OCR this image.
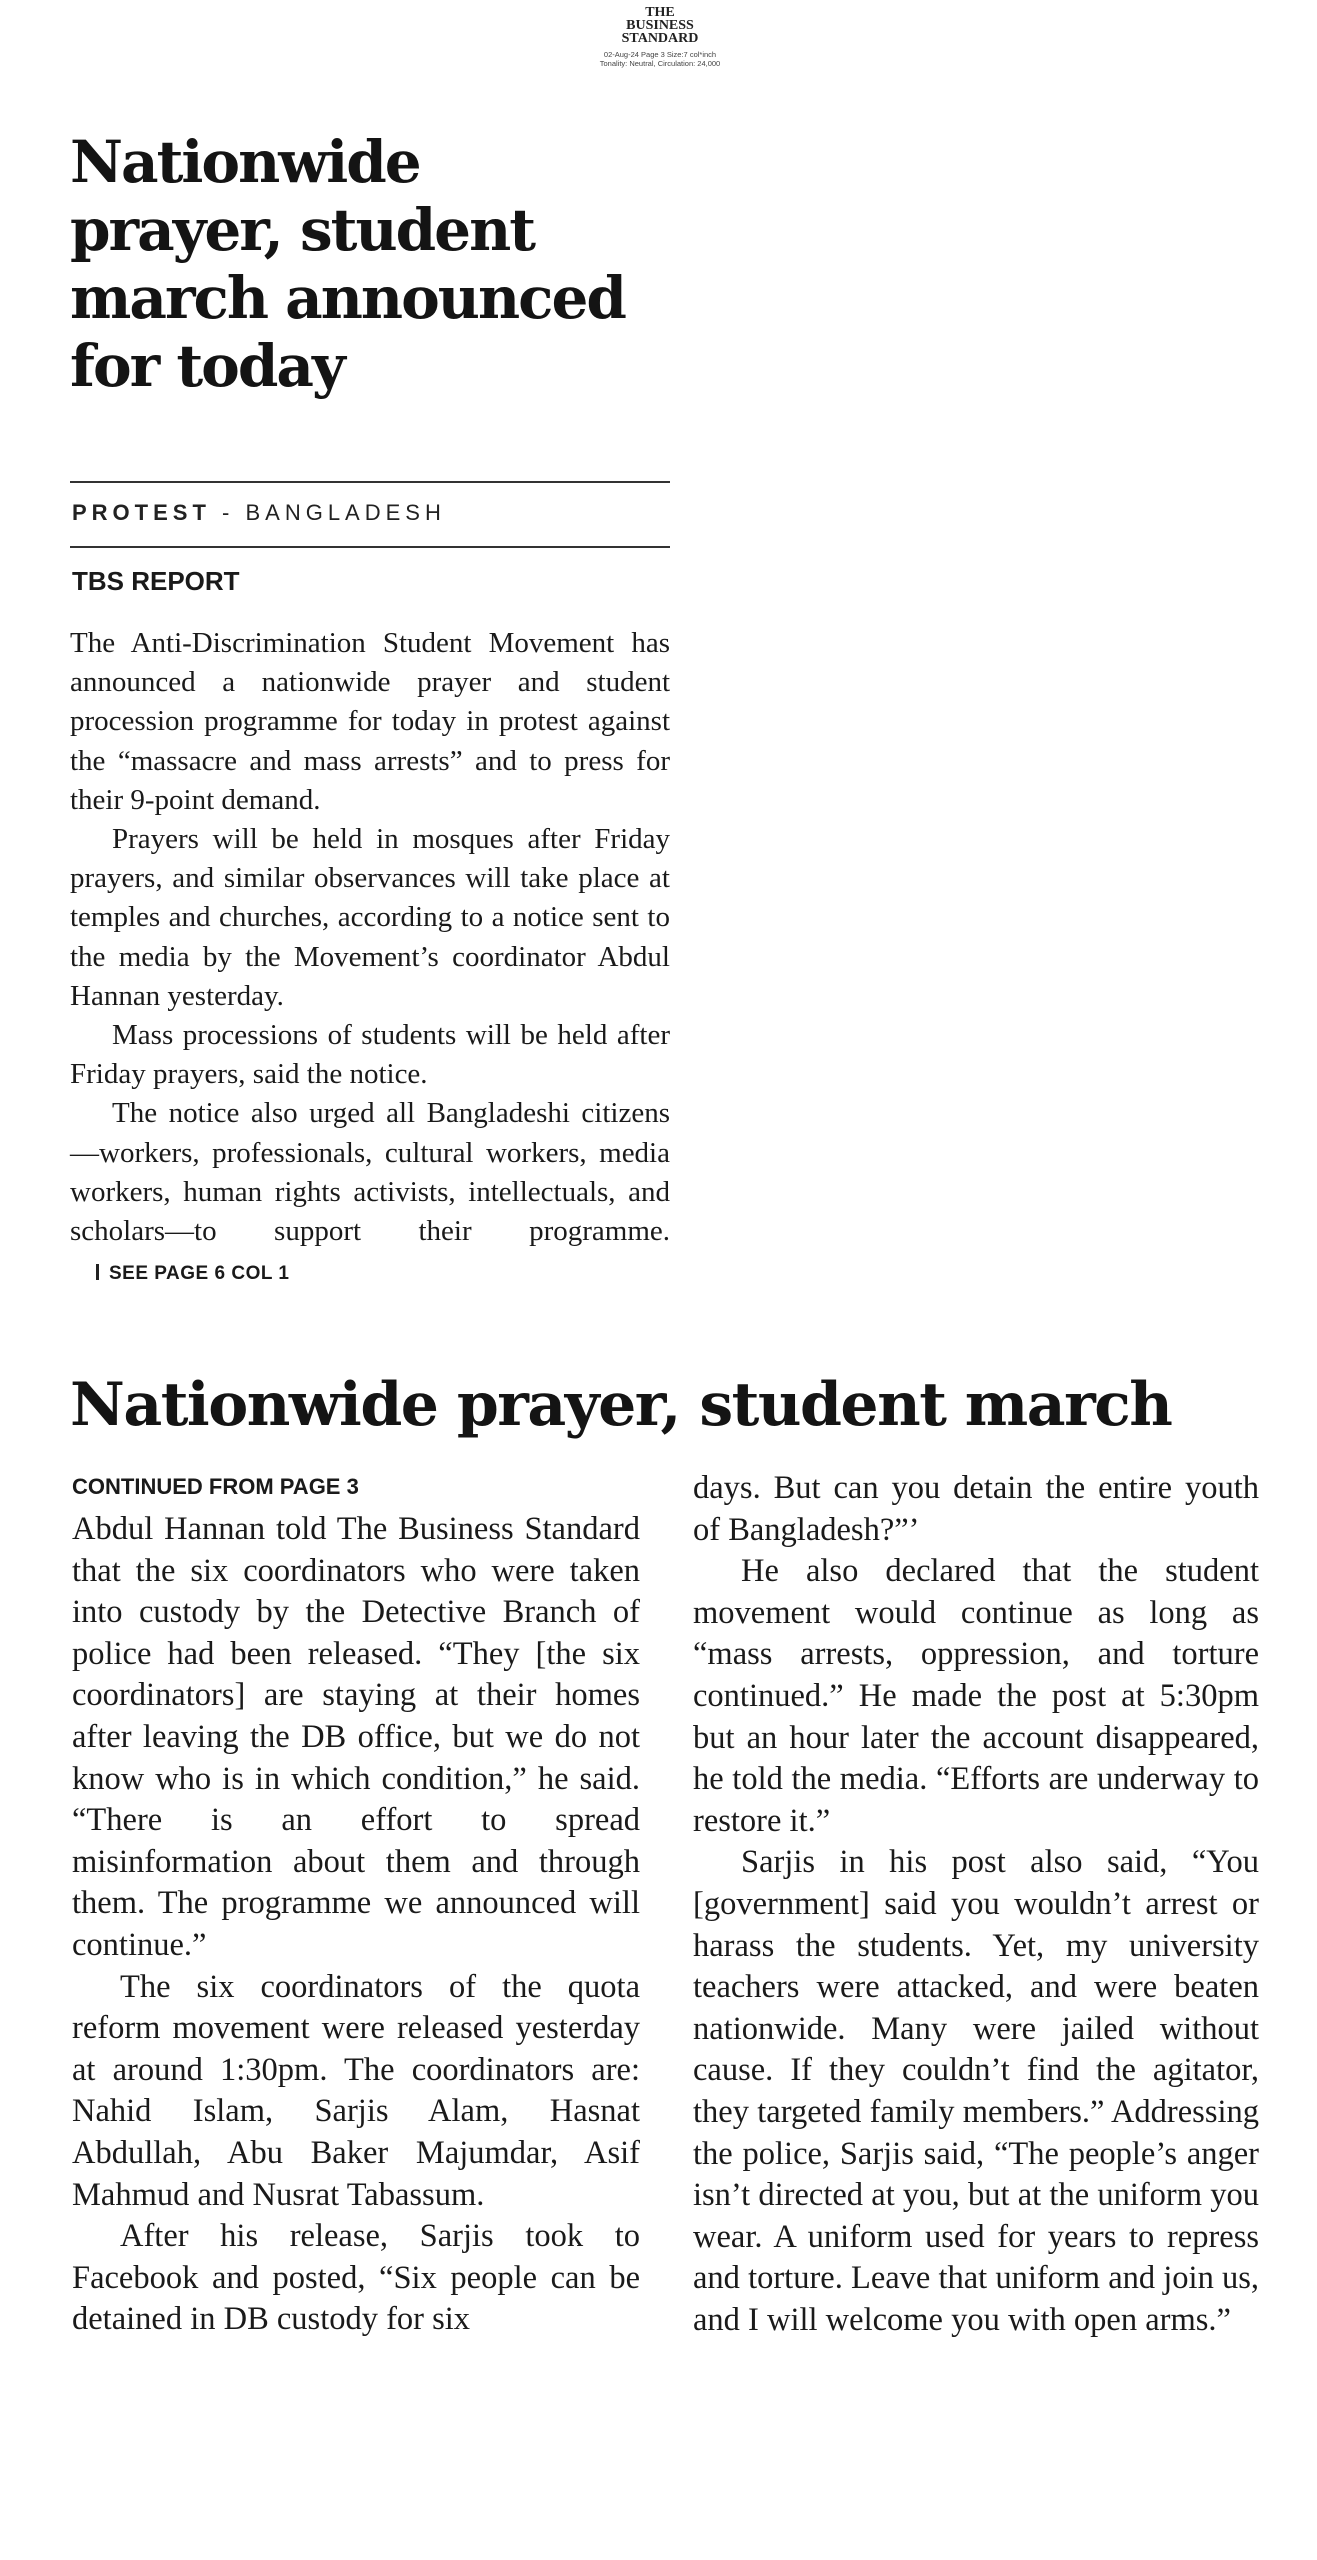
THE
BUSINESS
STANDARD
02-Aug-24 Page 3 Size:7 col*inch
Tonality: Neutral, Circulation: 24,000
Nationwide
prayer, student
march announced
for today
PROTEST - BANGLADESH
TBS REPORT

The Anti-Discrimination Student Movement has announced a nationwide prayer and student procession programme for today in protest against the “massacre and mass arrests” and to press for their 9-point demand.

Prayers will be held in mosques after Friday prayers, and similar observances will take place at temples and churches, according to a notice sent to the media by the Movement’s coordinator Abdul Hannan yesterday.

Mass processions of students will be held after Friday prayers, said the notice.

The notice also urged all Bangladeshi citizens—workers, professionals, cultural workers, media workers, human rights activists, intellectuals, and scholars—to support their programme.SEE PAGE 6 COL 1

Nationwide prayer, student march
CONTINUED FROM PAGE 3

Abdul Hannan told The Business Standard that the six coordinators who were taken into custody by the Detective Branch of police had been released. “They [the six coordinators] are staying at their homes after leaving the DB office, but we do not know who is in which condition,” he said. “There is an effort to spread misinformation about them and through them. The programme we announced will continue.”

The six coordinators of the quota reform movement were released yesterday at around 1:30pm. The coordinators are: Nahid Islam, Sarjis Alam, Hasnat Abdullah, Abu Baker Majumdar, Asif Mahmud and Nusrat Tabassum.

After his release, Sarjis took to Facebook and posted, “Six people can be detained in DB custody for six

days. But can you detain the entire youth of Bangladesh?”’

He also declared that the student movement would continue as long as “mass arrests, oppression, and torture continued.” He made the post at 5:30pm but an hour later the account disappeared, he told the media. “Efforts are underway to restore it.”

Sarjis in his post also said, “You [government] said you wouldn’t arrest or harass the students. Yet, my university teachers were attacked, and were beaten nationwide. Many were jailed without cause. If they couldn’t find the agitator, they targeted family members.” Addressing the police, Sarjis said, “The people’s anger isn’t directed at you, but at the uniform you wear. A uniform used for years to repress and torture. Leave that uniform and join us, and I will welcome you with open arms.”
